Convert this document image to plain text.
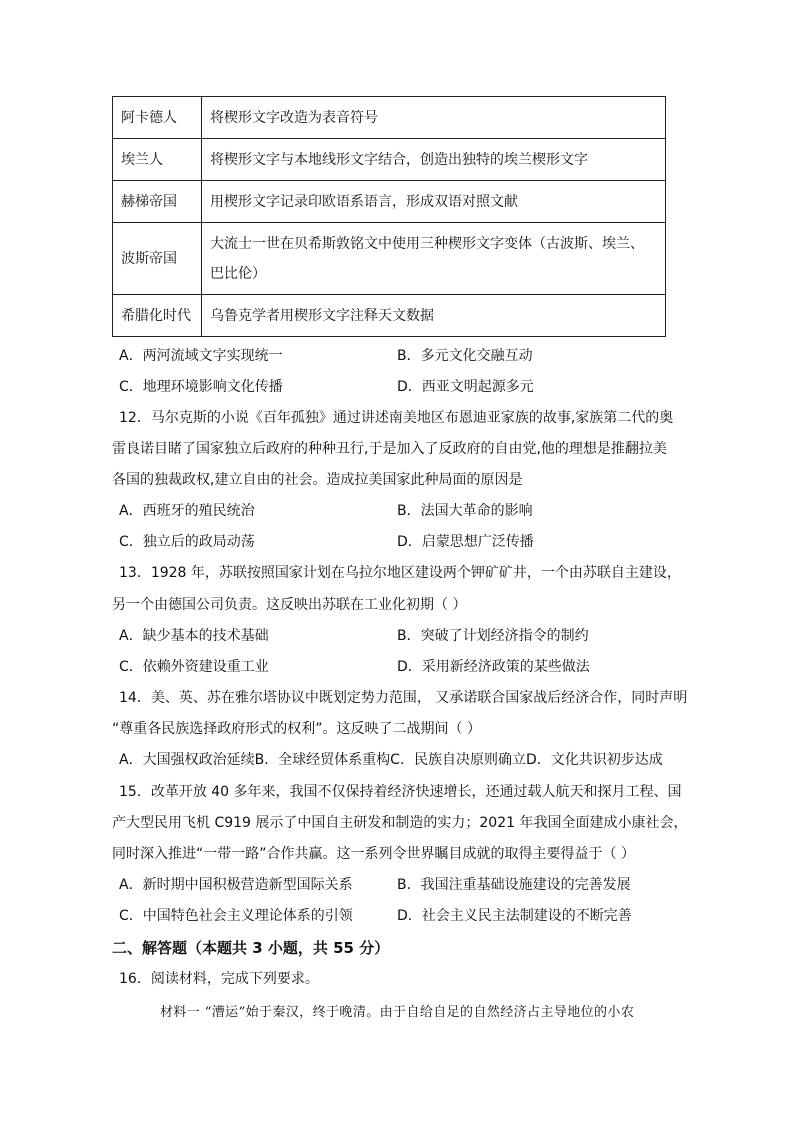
阿卡德人	将楔形文字改造为表音符号
埃兰人	将楔形文字与本地线形文字结合，创造出独特的埃兰楔形文字
赫梯帝国	用楔形文字记录印欧语系语言，形成双语对照文献
波斯帝国	大流士一世在贝希斯敦铭文中使用三种楔形文字变体（古波斯、埃兰、巴比伦）
希腊化时代	乌鲁克学者用楔形文字注释天文数据
A．两河流域文字实现统一	B．多元文化交融互动
C．地理环境影响文化传播	D．西亚文明起源多元
12．马尔克斯的小说《百年孤独》通过讲述南美地区布恩迪亚家族的故事,家族第二代的奥
雷良诺目睹了国家独立后政府的种种丑行,于是加入了反政府的自由党,他的理想是推翻拉美
各国的独裁政权,建立自由的社会。造成拉美国家此种局面的原因是
A．西班牙的殖民统治	B．法国大革命的影响
C．独立后的政局动荡	D．启蒙思想广泛传播
13．1928 年，苏联按照国家计划在乌拉尔地区建设两个钾矿矿井，一个由苏联自主建设，
另一个由德国公司负责。这反映出苏联在工业化初期（ ）
A．缺少基本的技术基础	B．突破了计划经济指令的制约
C．依赖外资建设重工业	D．采用新经济政策的某些做法
14．美、英、苏在雅尔塔协议中既划定势力范围， 又承诺联合国家战后经济合作，同时声明
“尊重各民族选择政府形式的权利”。这反映了二战期间（ ）
A．大国强权政治延续B．全球经贸体系重构C．民族自决原则确立D．文化共识初步达成
15．改革开放 40 多年来，我国不仅保持着经济快速增长，还通过载人航天和探月工程、国
产大型民用飞机 C919 展示了中国自主研发和制造的实力；2021 年我国全面建成小康社会，
同时深入推进“一带一路”合作共赢。这一系列令世界瞩目成就的取得主要得益于（ ）
A．新时期中国积极营造新型国际关系	B．我国注重基础设施建设的完善发展
C．中国特色社会主义理论体系的引领	D．社会主义民主法制建设的不断完善
二、解答题（本题共 3 小题，共 55 分）
16．阅读材料，完成下列要求。
材料一 “漕运”始于秦汉，终于晚清。由于自给自足的自然经济占主导地位的小农
